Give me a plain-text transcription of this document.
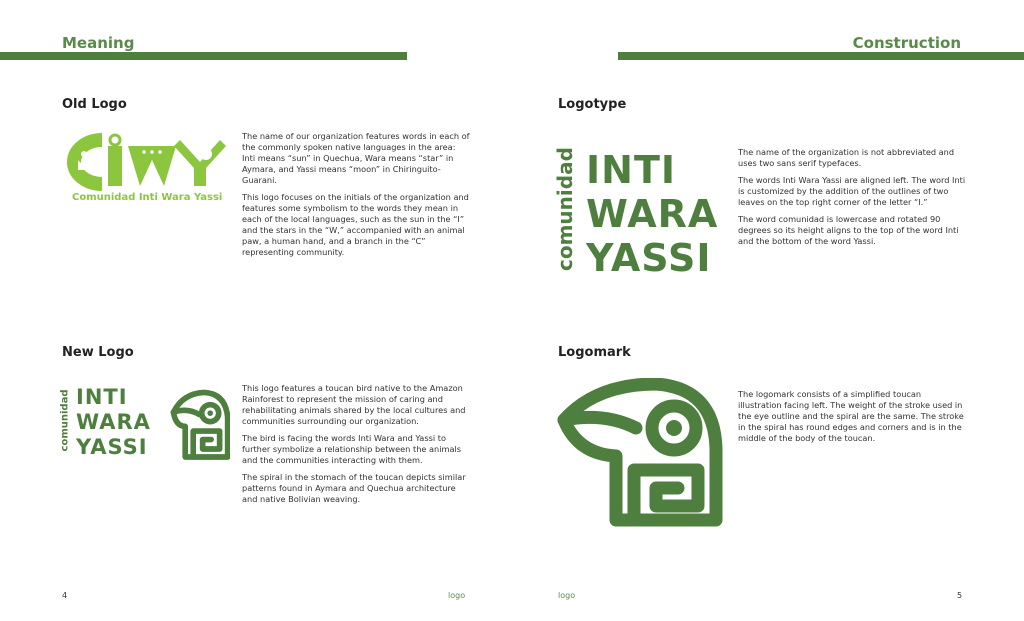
Meaning	Construction
Old Logo
Comunidad Inti Wara Yassi

The name of our organization features words in each of the commonly spoken native languages in the area: Inti means “sun” in Quechua, Wara means “star” in Aymara, and Yassi means “moon” in Chiringuito-Guarani.

This logo focuses on the initials of the organization and features some symbolism to the words they mean in each of the local languages, such as the sun in the “I” and the stars in the “W,” accompanied with an animal paw, a human hand, and a branch in the “C” representing community.

New Logo
comunidad INTI
WARA
YASSI

This logo features a toucan bird native to the Amazon Rainforest to represent the mission of caring and rehabilitating animals shared by the local cultures and communities surrounding our organization.

The bird is facing the words Inti Wara and Yassi to further symbolize a relationship between the animals and the communities interacting with them.

The spiral in the stomach of the toucan depicts similar patterns found in Aymara and Quechua architecture and native Bolivian weaving.

Logotype
comunidad INTI
WARA
YASSI

The name of the organization is not abbreviated and uses two sans serif typefaces.

The words Inti Wara Yassi are aligned left. The word Inti is customized by the addition of the outlines of two leaves on the top right corner of the letter “I.”

The word comunidad is lowercase and rotated 90 degrees so its height aligns to the top of the word Inti and the bottom of the word Yassi.

Logomark

The logomark consists of a simplified toucan illustration facing left. The weight of the stroke used in the eye outline and the spiral are the same. The stroke in the spiral has round edges and corners and is in the middle of the body of the toucan.

4	logo	logo	5
